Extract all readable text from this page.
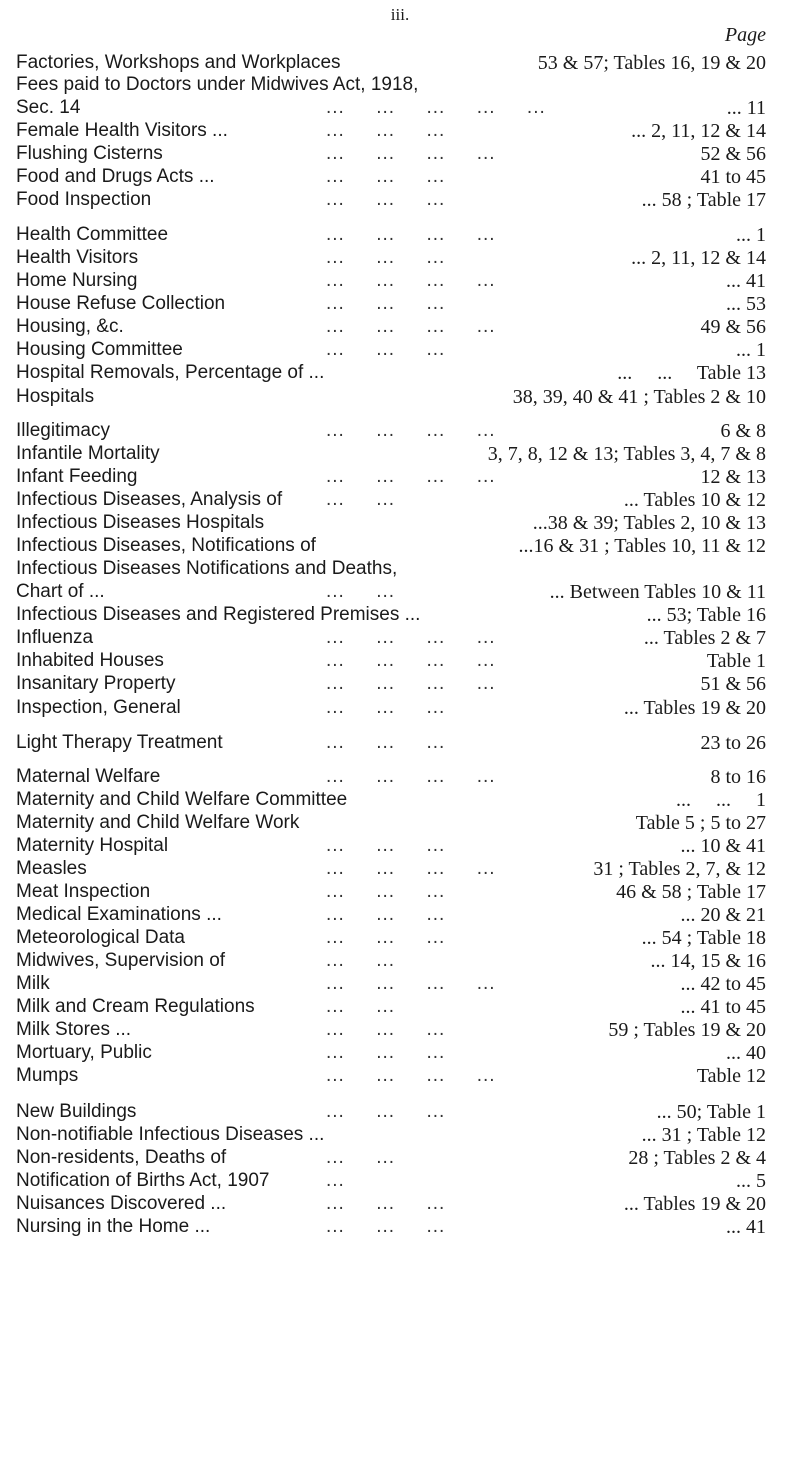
iii.
Page
Factories, Workshops and Workplaces	53 & 57; Tables 16, 19 & 20
Fees paid to Doctors under Midwives Act, 1918,
Sec. 14	...     ...     ...     ...     ...	... 11
Female Health Visitors ...	...     ...     ...	... 2, 11, 12 & 14
Flushing Cisterns	...     ...     ...     ...	52 & 56
Food and Drugs Acts ...	...     ...     ...	41 to 45
Food Inspection	...     ...     ...	... 58 ; Table 17
Health Committee	...     ...     ...     ...	... 1
Health Visitors	...     ...     ...	... 2, 11, 12 & 14
Home Nursing	...     ...     ...     ...	... 41
House Refuse Collection	...     ...     ...	... 53
Housing, &c.	...     ...     ...     ...	49 & 56
Housing Committee	...     ...     ...	... 1
Hospital Removals, Percentage of ...	...     ...     Table 13
Hospitals	38, 39, 40 & 41 ; Tables 2 & 10
Illegitimacy	...     ...     ...     ...	6 & 8
Infantile Mortality	3, 7, 8, 12 & 13; Tables 3, 4, 7 & 8
Infant Feeding	...     ...     ...     ...	12 & 13
Infectious Diseases, Analysis of ...     ...	... Tables 10 & 12
Infectious Diseases Hospitals	...38 & 39; Tables 2, 10 & 13
Infectious Diseases, Notifications of	...16 & 31 ; Tables 10, 11 & 12
Infectious Diseases Notifications and Deaths,
Chart of ...	...     ...	... Between Tables 10 & 11
Infectious Diseases and Registered Premises ...	... 53; Table 16
Influenza	...     ...     ...     ...	... Tables 2 & 7
Inhabited Houses	...     ...     ...     ...	Table 1
Insanitary Property	...     ...     ...     ...	51 & 56
Inspection, General	...     ...     ...	... Tables 19 & 20
Light Therapy Treatment	...     ...     ...	23 to 26
Maternal Welfare	...     ...     ...     ...	8 to 16
Maternity and Child Welfare Committee	...     ...     1
Maternity and Child Welfare Work	Table 5 ; 5 to 27
Maternity Hospital	...     ...     ...	... 10 & 41
Measles	...     ...     ...     ...	31 ; Tables 2, 7, & 12
Meat Inspection	...     ...     ...	46 & 58 ; Table 17
Medical Examinations ...	...     ...     ...	... 20 & 21
Meteorological Data	...     ...     ...	... 54 ; Table 18
Midwives, Supervision of	...     ...	... 14, 15 & 16
Milk	...     ...     ...     ...	... 42 to 45
Milk and Cream Regulations	...     ...	... 41 to 45
Milk Stores ...	...     ...     ...	59 ; Tables 19 & 20
Mortuary, Public	...     ...     ...	... 40
Mumps	...     ...     ...     ...	Table 12
New Buildings	...     ...     ...	... 50; Table 1
Non-notifiable Infectious Diseases ...	... 31 ; Table 12
Non-residents, Deaths of	...     ...	28 ; Tables 2 & 4
Notification of Births Act, 1907	...	... 5
Nuisances Discovered ...	...     ...     ...	... Tables 19 & 20
Nursing in the Home ...	...     ...     ...	... 41
